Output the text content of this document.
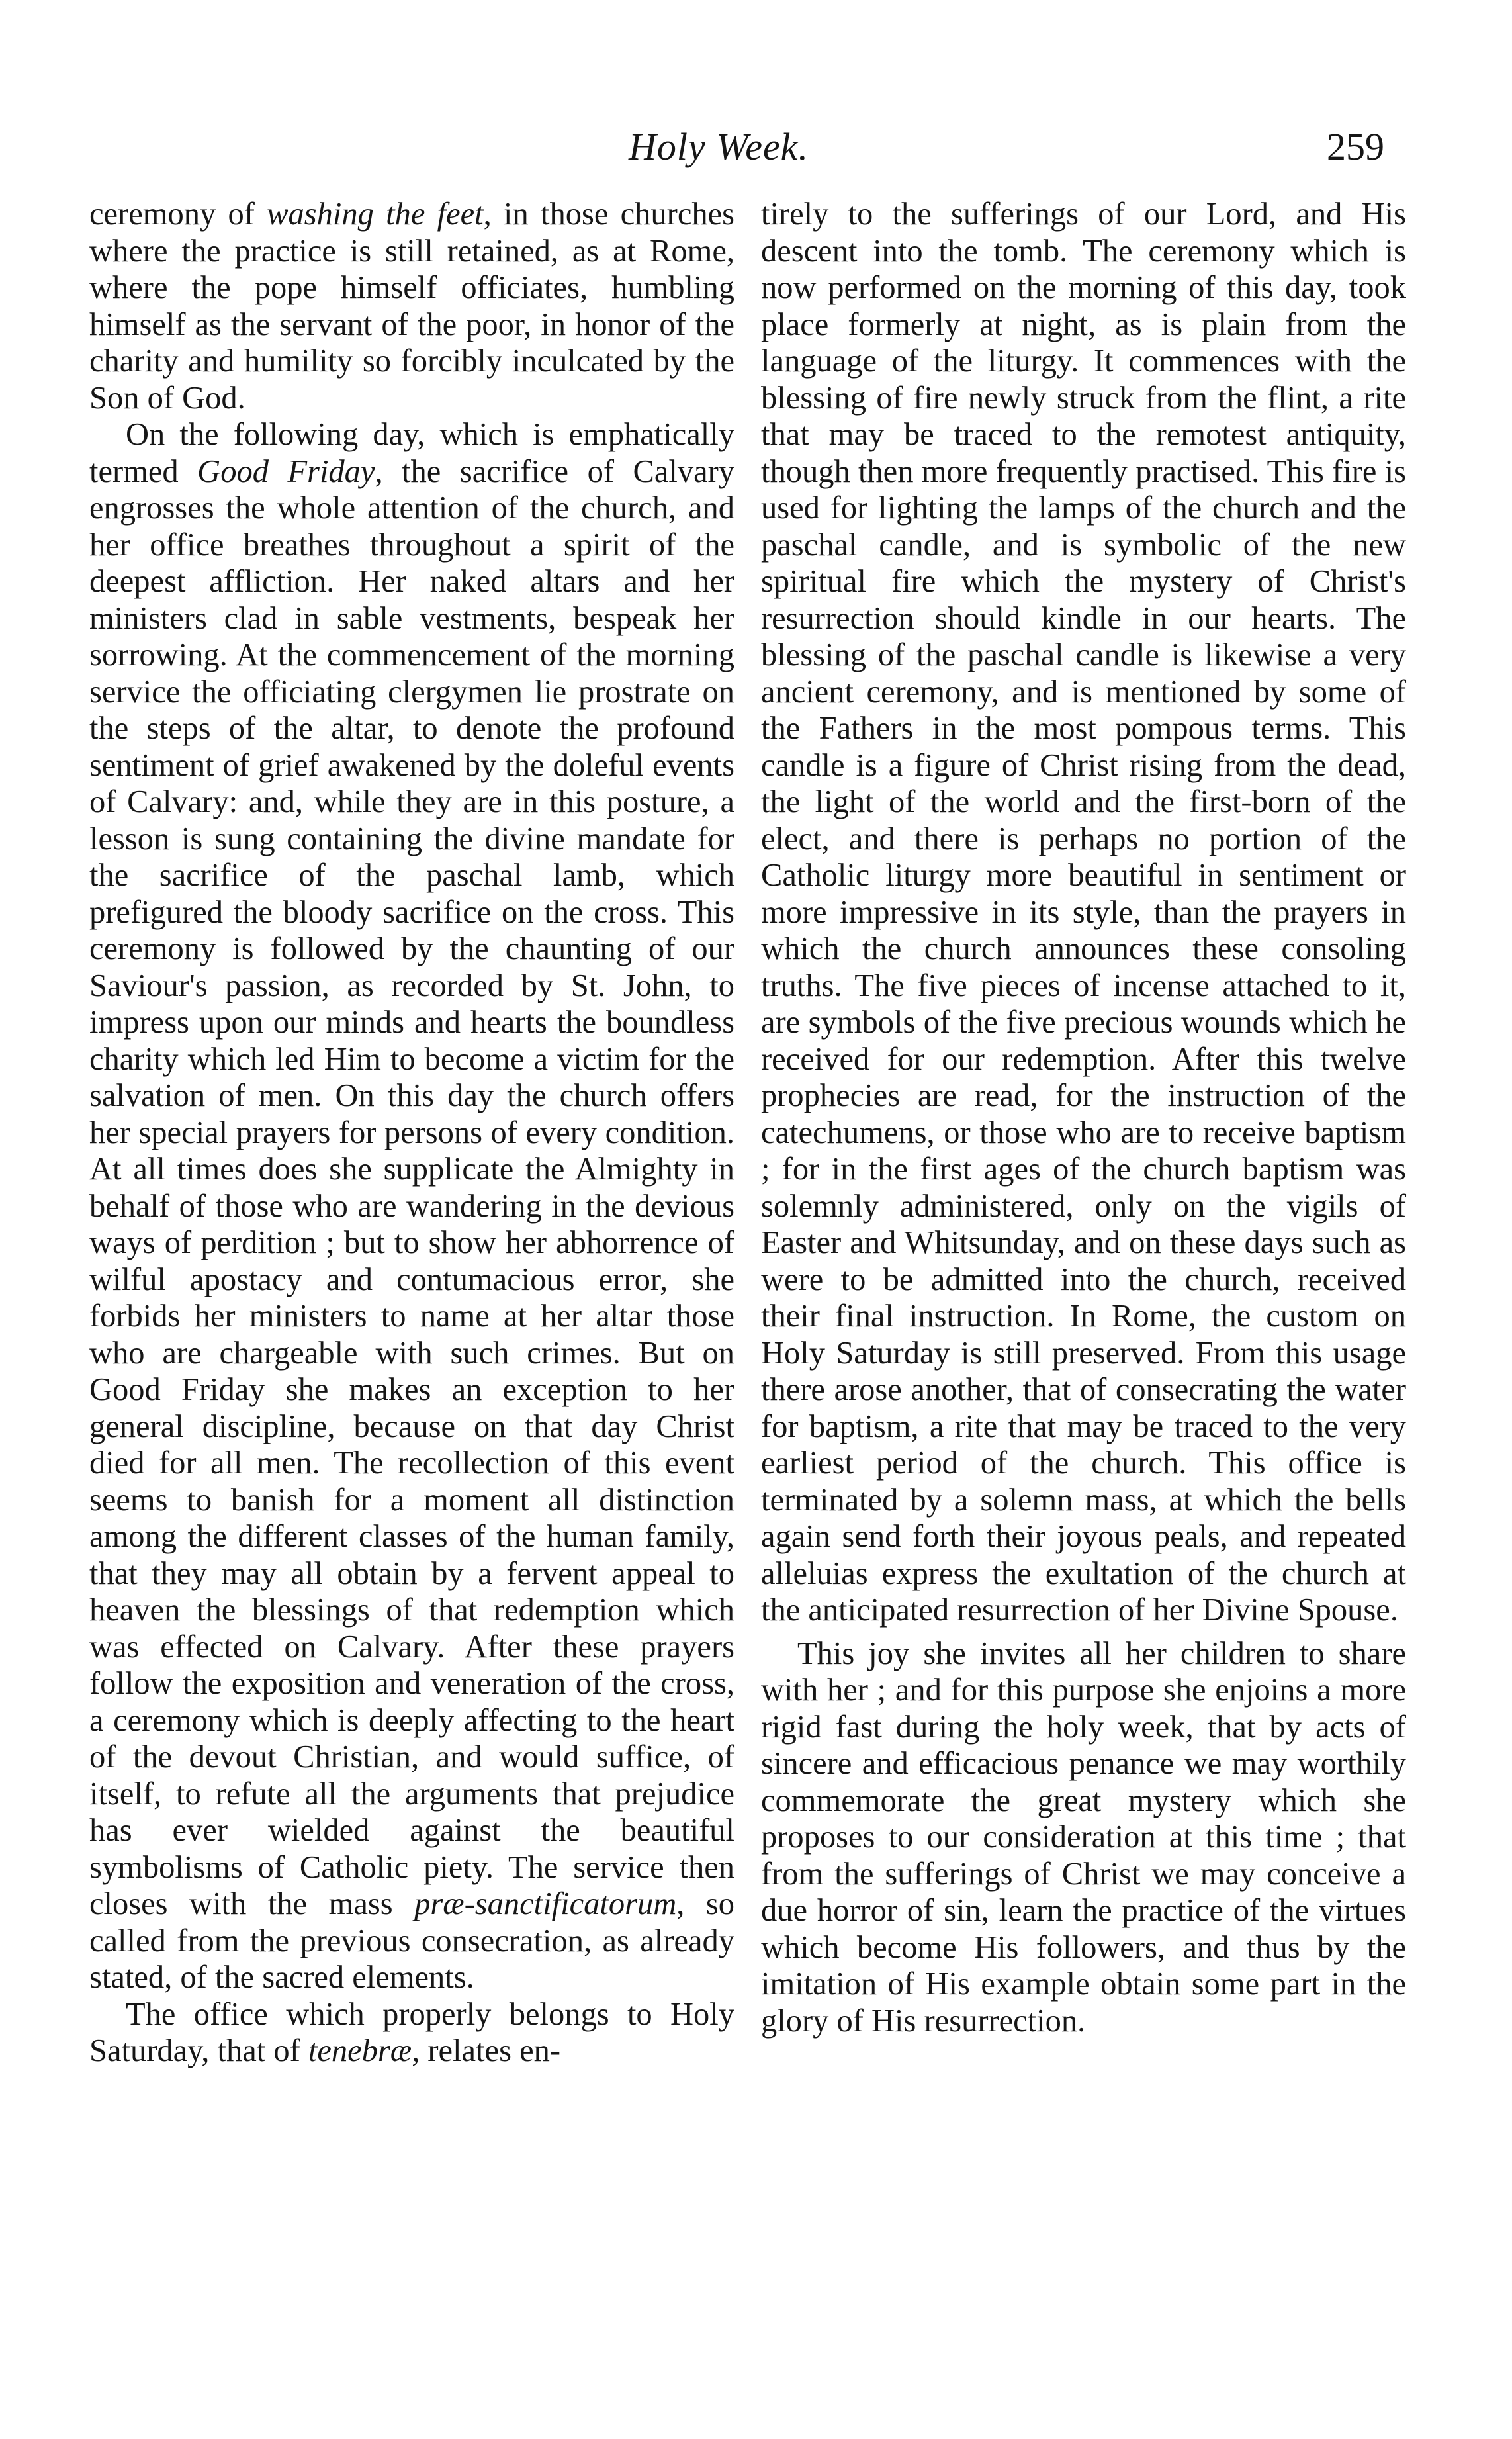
Holy Week.	259

ceremony of washing the feet, in those churches where the practice is still retained, as at Rome, where the pope himself officiates, humbling himself as the servant of the poor, in honor of the charity and humility so forcibly inculcated by the Son of God.

On the following day, which is emphatically termed Good Friday, the sacrifice of Calvary engrosses the whole attention of the church, and her office breathes throughout a spirit of the deepest affliction. Her naked altars and her ministers clad in sable vestments, bespeak her sorrowing. At the commencement of the morning service the officiating clergymen lie prostrate on the steps of the altar, to denote the profound sentiment of grief awakened by the doleful events of Calvary: and, while they are in this posture, a lesson is sung containing the divine mandate for the sacrifice of the paschal lamb, which prefigured the bloody sacrifice on the cross. This ceremony is followed by the chaunting of our Saviour's passion, as recorded by St. John, to impress upon our minds and hearts the boundless charity which led Him to become a victim for the salvation of men. On this day the church offers her special prayers for persons of every condition. At all times does she supplicate the Almighty in behalf of those who are wandering in the devious ways of perdition ; but to show her abhorrence of wilful apostacy and contumacious error, she forbids her ministers to name at her altar those who are chargeable with such crimes. But on Good Friday she makes an exception to her general discipline, because on that day Christ died for all men. The recollection of this event seems to banish for a moment all distinction among the different classes of the human family, that they may all obtain by a fervent appeal to heaven the blessings of that redemption which was effected on Calvary. After these prayers follow the exposition and veneration of the cross, a ceremony which is deeply affecting to the heart of the devout Christian, and would suffice, of itself, to refute all the arguments that prejudice has ever wielded against the beautiful symbolisms of Catholic piety. The service then closes with the mass præ-sanctificatorum, so called from the previous consecration, as already stated, of the sacred elements.

The office which properly belongs to Holy Saturday, that of tenebræ, relates en-

tirely to the sufferings of our Lord, and His descent into the tomb. The ceremony which is now performed on the morning of this day, took place formerly at night, as is plain from the language of the liturgy. It commences with the blessing of fire newly struck from the flint, a rite that may be traced to the remotest antiquity, though then more frequently practised. This fire is used for lighting the lamps of the church and the paschal candle, and is symbolic of the new spiritual fire which the mystery of Christ's resurrection should kindle in our hearts. The blessing of the paschal candle is likewise a very ancient ceremony, and is mentioned by some of the Fathers in the most pompous terms. This candle is a figure of Christ rising from the dead, the light of the world and the first-born of the elect, and there is perhaps no portion of the Catholic liturgy more beautiful in sentiment or more impressive in its style, than the prayers in which the church announces these consoling truths. The five pieces of incense attached to it, are symbols of the five precious wounds which he received for our redemption. After this twelve prophecies are read, for the instruction of the catechumens, or those who are to receive baptism ; for in the first ages of the church baptism was solemnly administered, only on the vigils of Easter and Whitsunday, and on these days such as were to be admitted into the church, received their final instruction. In Rome, the custom on Holy Saturday is still preserved. From this usage there arose another, that of consecrating the water for baptism, a rite that may be traced to the very earliest period of the church. This office is terminated by a solemn mass, at which the bells again send forth their joyous peals, and repeated alleluias express the exultation of the church at the anticipated resurrection of her Divine Spouse.

This joy she invites all her children to share with her ; and for this purpose she enjoins a more rigid fast during the holy week, that by acts of sincere and efficacious penance we may worthily commemorate the great mystery which she proposes to our consideration at this time ; that from the sufferings of Christ we may conceive a due horror of sin, learn the practice of the virtues which become His followers, and thus by the imitation of His example obtain some part in the glory of His resurrection.
